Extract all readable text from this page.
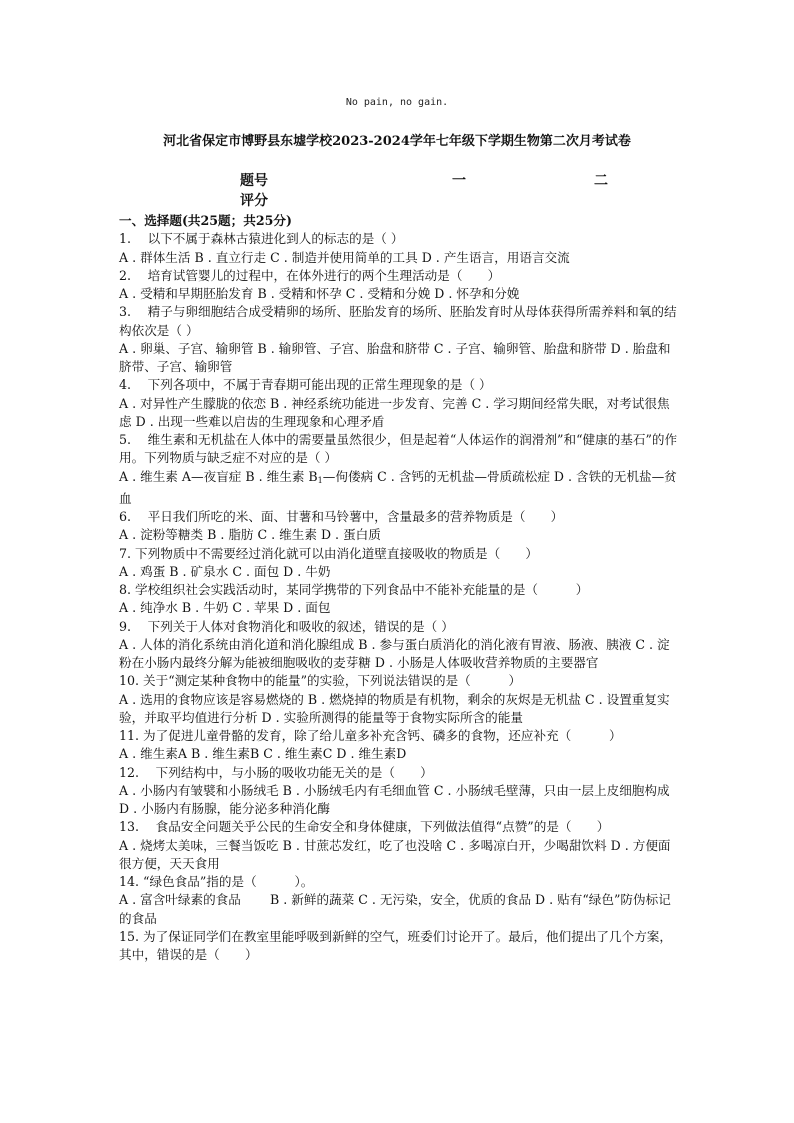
No pain, no gain.
河北省保定市博野县东墟学校2023-2024学年七年级下学期生物第二次月考试卷
题号	一	二
评分
一、选择题(共25题；共25分)
1.　 以下不属于森林古猿进化到人的标志的是（ ）
A . 群体生活 B . 直立行走 C . 制造并使用简单的工具 D . 产生语言，用语言交流
2.　 培育试管婴儿的过程中，在体外进行的两个生理活动是（　　）
A . 受精和早期胚胎发育 B . 受精和怀孕 C . 受精和分娩 D . 怀孕和分娩
3.　 精子与卵细胞结合成受精卵的场所、胚胎发育的场所、胚胎发育时从母体获得所需养料和氧的结构依次是（ ）
A . 卵巢、子宫、输卵管 B . 输卵管、子宫、胎盘和脐带 C . 子宫、输卵管、胎盘和脐带 D . 胎盘和脐带、子宫、输卵管
4.　 下列各项中，不属于青春期可能出现的正常生理现象的是（ ）
A . 对异性产生朦胧的依恋 B . 神经系统功能进一步发育、完善 C . 学习期间经常失眠，对考试很焦虑 D . 出现一些难以启齿的生理现象和心理矛盾
5.　 维生素和无机盐在人体中的需要量虽然很少，但是起着“人体运作的润滑剂”和“健康的基石”的作用。下列物质与缺乏症不对应的是（ ）
A . 维生素 A—夜盲症 B . 维生素 $B_1—$佝偻病 C . 含钙的无机盐—骨质疏松症 D . 含铁的无机盐—贫血
6.　 平日我们所吃的米、面、甘薯和马铃薯中，含量最多的营养物质是（　　）
A . 淀粉等糖类 B . 脂肪 C . 维生素 D . 蛋白质
7. 下列物质中不需要经过消化就可以由消化道壁直接吸收的物质是（　　）
A . 鸡蛋 B . 矿泉水 C . 面包 D . 牛奶
8. 学校组织社会实践活动时，某同学携带的下列食品中不能补充能量的是（　　　）
A . 纯净水 B . 牛奶 C . 苹果 D . 面包
9.　 下列关于人体对食物消化和吸收的叙述，错误的是（ ）
A . 人体的消化系统由消化道和消化腺组成 B . 参与蛋白质消化的消化液有胃液、肠液、胰液 C . 淀粉在小肠内最终分解为能被细胞吸收的麦芽糖 D . 小肠是人体吸收营养物质的主要器官
10. 关于“测定某种食物中的能量”的实验，下列说法错误的是（　　　）
A . 选用的食物应该是容易燃烧的 B . 燃烧掉的物质是有机物，剩余的灰烬是无机盐 C . 设置重复实验，并取平均值进行分析 D . 实验所测得的能量等于食物实际所含的能量
11. 为了促进儿童骨骼的发育，除了给儿童多补充含钙、磷多的食物，还应补充（　　　）
A . 维生素A B . 维生素B C . 维生素C D . 维生素D
12.　 下列结构中，与小肠的吸收功能无关的是（　　）
A . 小肠内有皱襞和小肠绒毛 B . 小肠绒毛内有毛细血管 C . 小肠绒毛壁薄，只由一层上皮细胞构成 D . 小肠内有肠腺，能分泌多种消化酶
13.　 食品安全问题关乎公民的生命安全和身体健康，下列做法值得“点赞”的是（　　）
A . 烧烤太美味，三餐当饭吃 B . 甘蔗芯发红，吃了也没啥 C . 多喝凉白开，少喝甜饮料 D . 方便面很方便，天天食用
14. “绿色食品”指的是（　　　）。
A . 富含叶绿素的食品　　 B . 新鲜的蔬菜 C . 无污染，安全，优质的食品 D . 贴有“绿色”防伪标记的食品
15. 为了保证同学们在教室里能呼吸到新鲜的空气，班委们讨论开了。最后，他们提出了几个方案，其中，错误的是（　　）
